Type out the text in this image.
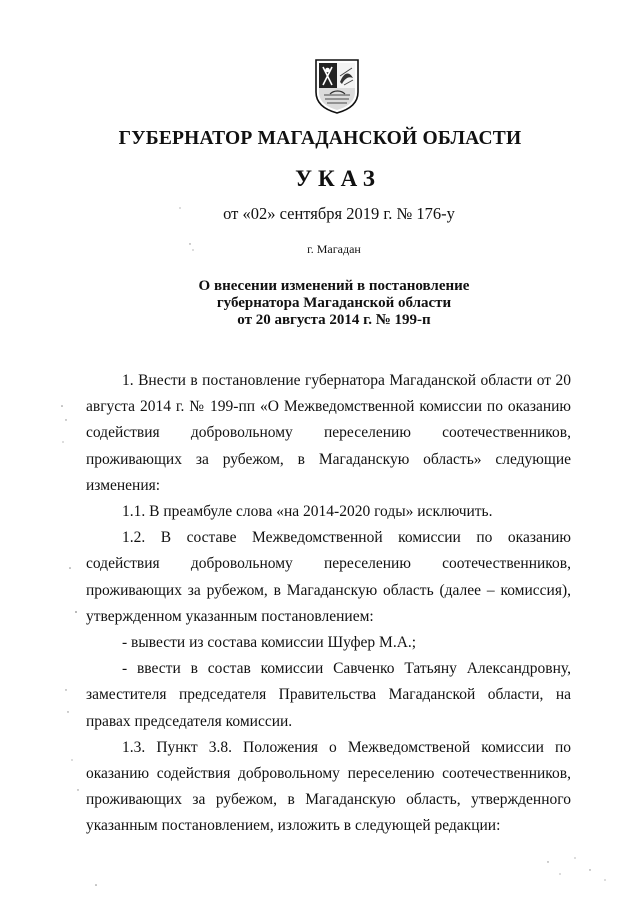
ГУБЕРНАТОР МАГАДАНСКОЙ ОБЛАСТИ
УКАЗ
от «02» сентября 2019 г. № 176-у
г. Магадан
О внесении изменений в постановление
губернатора Магаданской области
от 20 августа 2014 г. № 199-п

1. Внести в постановление губернатора Магаданской области от 20 августа 2014 г. № 199-пп «О Межведомственной комиссии по оказанию содействия добровольному переселению соотечественников, проживающих за рубежом, в Магаданскую область» следующие изменения:

1.1. В преамбуле слова «на 2014-2020 годы» исключить.

1.2. В составе Межведомственной комиссии по оказанию содействия добровольному переселению соотечественников, проживающих за рубежом, в Магаданскую область (далее – комиссия), утвержденном указанным постановлением:

- вывести из состава комиссии Шуфер М.А.;

- ввести в состав комиссии Савченко Татьяну Александровну, заместителя председателя Правительства Магаданской области, на правах председателя комиссии.

1.3. Пункт 3.8. Положения о Межведомственой комиссии по оказанию содействия добровольному переселению соотечественников, проживающих за рубежом, в Магаданскую область, утвержденного указанным постановлением, изложить в следующей редакции:
